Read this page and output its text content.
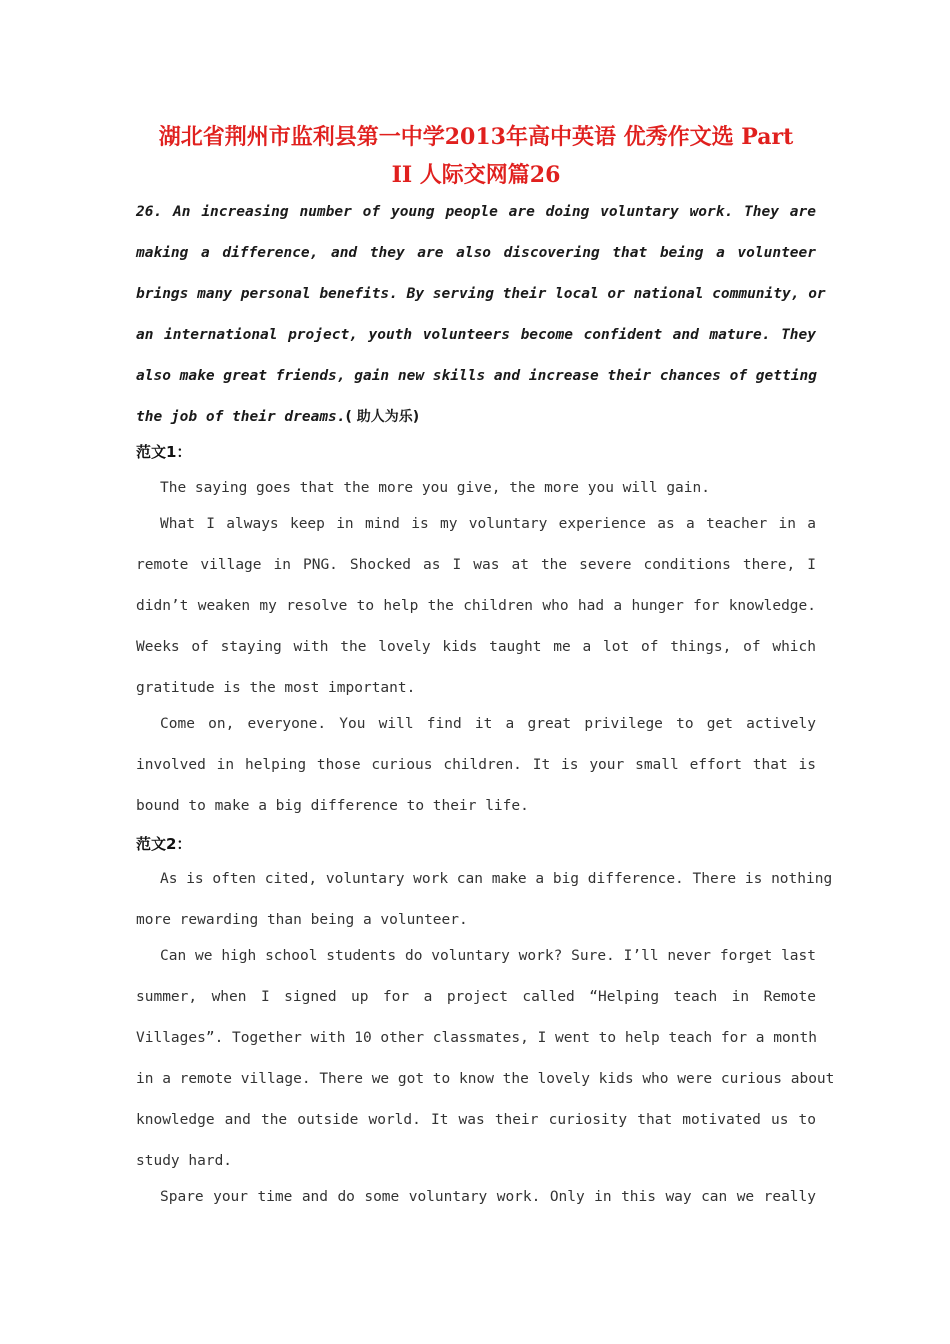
湖北省荆州市监利县第一中学2013年高中英语 优秀作文选 Part
II 人际交网篇26
26. An increasing number of young people are doing voluntary work. They are
making a difference, and they are also discovering that being a volunteer
brings many personal benefits. By serving their local or national community, or
an international project, youth volunteers become confident and mature. They
also make great friends, gain new skills and increase their chances of getting
the job of their dreams.( 助人为乐)
范文1：
The saying goes that the more you give, the more you will gain.
What I always keep in mind is my voluntary experience as a teacher in a
remote village in PNG. Shocked as I was at the severe conditions there, I
didn’t weaken my resolve to help the children who had a hunger for knowledge.
Weeks of staying with the lovely kids taught me a lot of things, of which
gratitude is the most important.
Come on, everyone. You will find it a great privilege to get actively
involved in helping those curious children. It is your small effort that is
bound to make a big difference to their life.
范文2：
As is often cited, voluntary work can make a big difference. There is nothing
more rewarding than being a volunteer.
Can we high school students do voluntary work? Sure. I’ll never forget last
summer, when I signed up for a project called “Helping teach in Remote
Villages”. Together with 10 other classmates, I went to help teach for a month
in a remote village. There we got to know the lovely kids who were curious about
knowledge and the outside world. It was their curiosity that motivated us to
study hard.
Spare your time and do some voluntary work. Only in this way can we really
